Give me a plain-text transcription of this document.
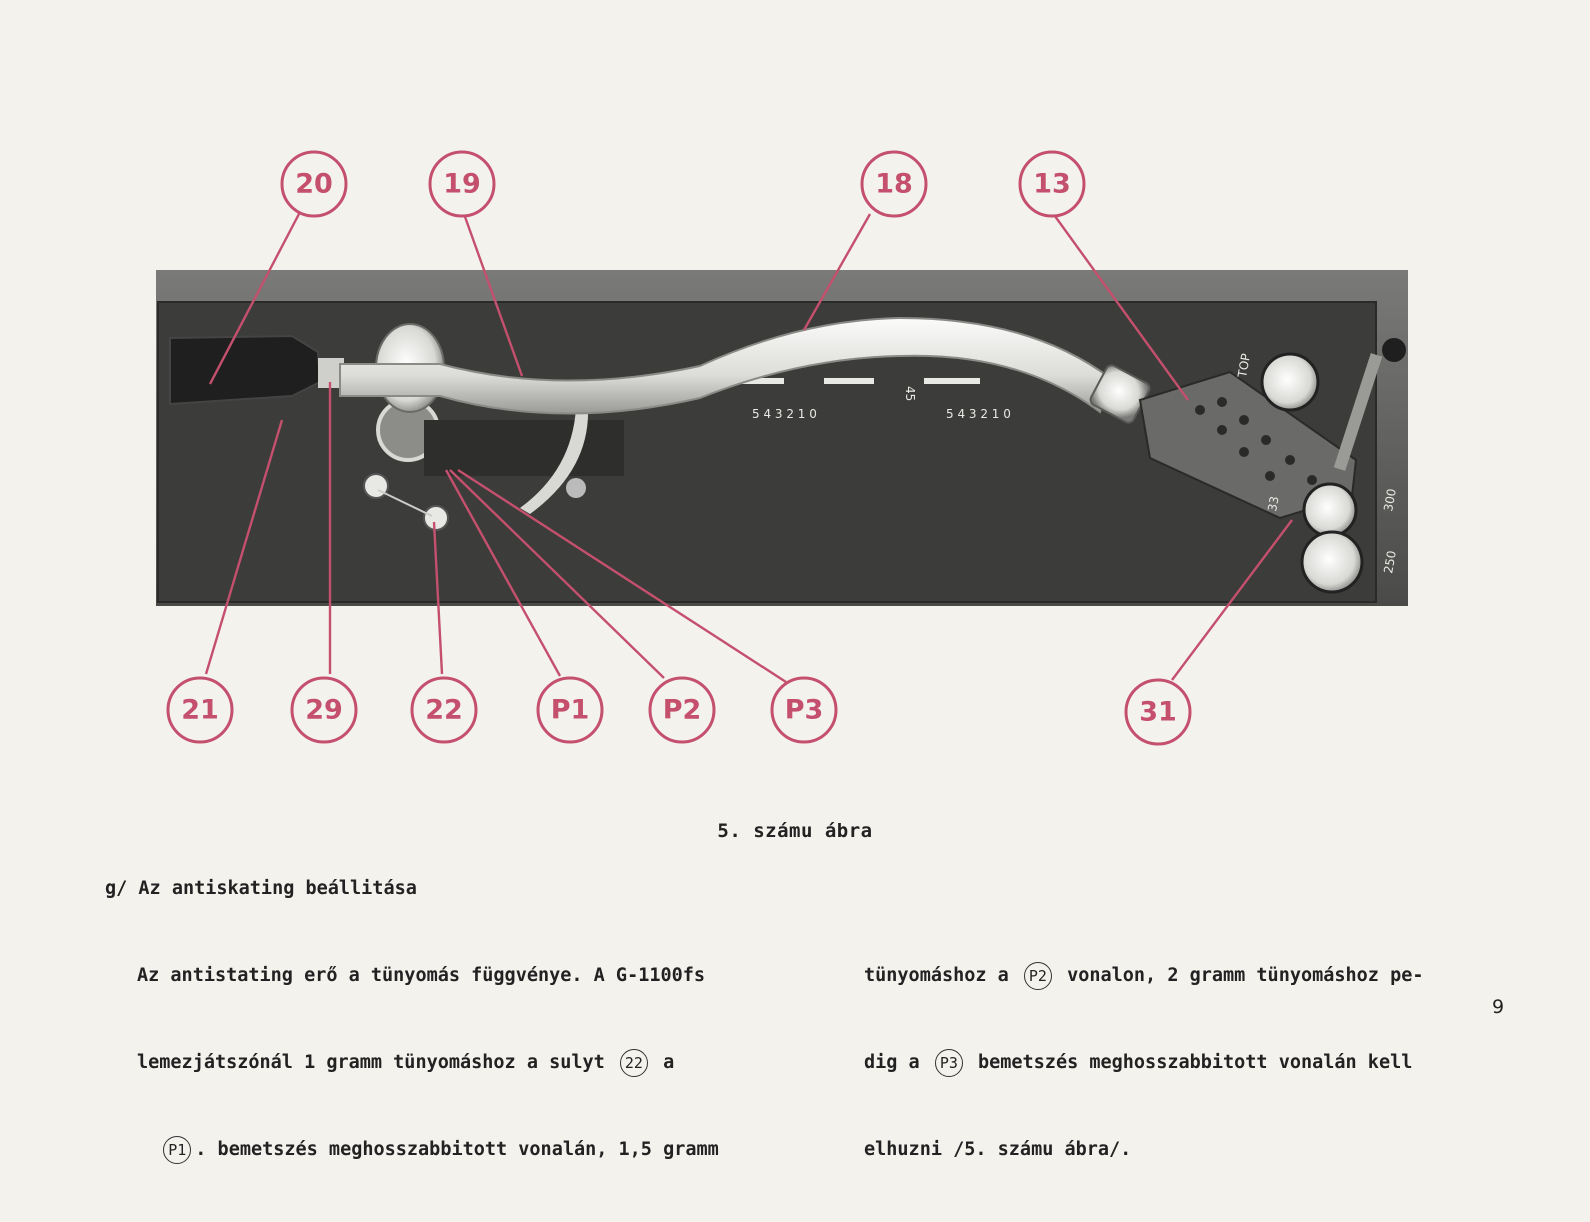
45
5 4 3 2 1 0	5 4 3 2 1 0
TOP
33	300
250
20	19	18	13
21	29	22	P1	P2	P3	31
5. számu ábra
g/ Az antiskating beállitása

Az antistating erő a tünyomás függvénye. A G-1100fs

lemezjátszónál 1 gramm tünyomáshoz a sulyt 22 a

P1 . bemetszés meghosszabbitott vonalán, 1,5 gramm

tünyomáshoz a P2 vonalon, 2 gramm tünyomáshoz pe-

dig a P3 bemetszés meghosszabbitott vonalán kell

elhuzni /5. számu ábra/.

9
